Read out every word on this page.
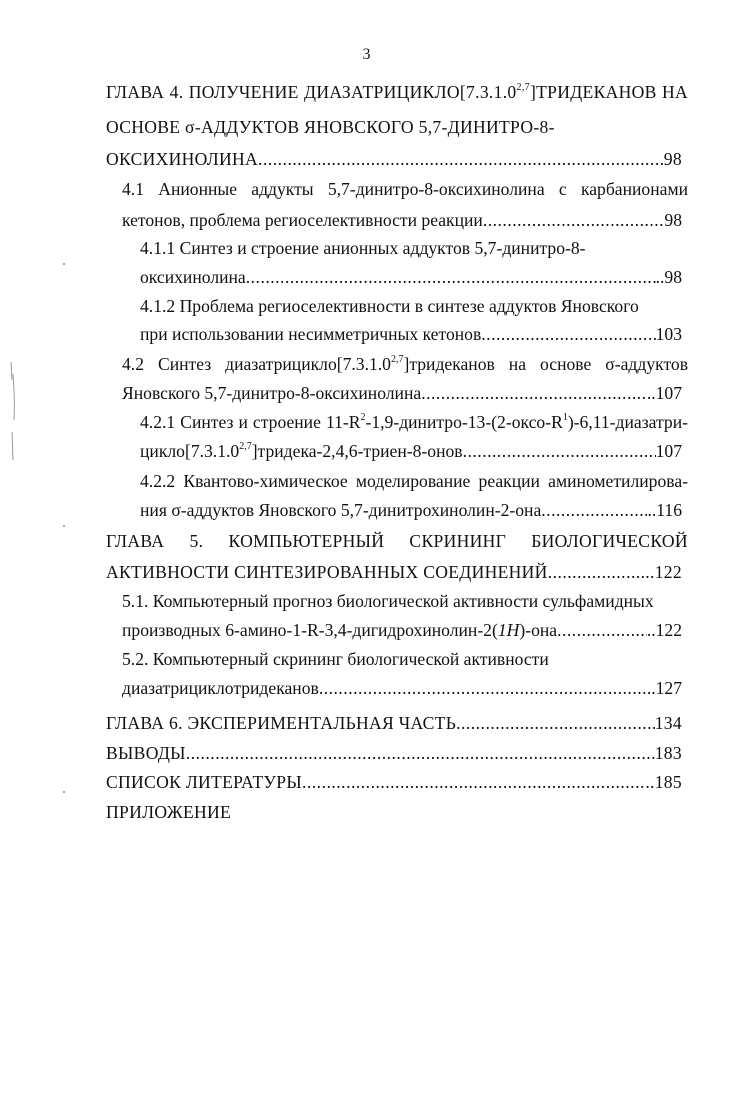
3
ГЛАВА 4. ПОЛУЧЕНИЕ ДИАЗАТРИЦИКЛО[7.3.1.0$^{2,7}$]ТРИДЕКАНОВ НА
ОСНОВЕ σ-АДДУКТОВ ЯНОВСКОГО 5,7-ДИНИТРО-8-
ОКСИХИНОЛИНА .....	98
4.1 Анионные аддукты 5,7-динитро-8-оксихинолина с карбанионами
кетонов, проблема региоселективности реакции .....	98
4.1.1 Синтез и строение анионных аддуктов 5,7-динитро-8-
оксихинолина .....	..98
4.1.2 Проблема региоселективности в синтезе аддуктов Яновского
при использовании несимметричных кетонов .....	103
4.2 Синтез диазатрицикло[7.3.1.0$^{2,7}$]тридеканов на основе σ-аддуктов
Яновского 5,7-динитро-8-оксихинолина .....	..107
4.2.1 Синтез и строение $11-R^2-1,9-динитро-13-(2-оксо-R^1)-6,11-диазатри-$
цикло[7.3.1.0$^{2,7}$]тридека-2,4,6-триен-8-онов .....	107
4.2.2 Квантово-химическое моделирование реакции аминометилирова-
ния σ-аддуктов Яновского 5,7-динитрохинолин-2-она .....	..116
ГЛАВА 5. КОМПЬЮТЕРНЫЙ СКРИНИНГ БИОЛОГИЧЕСКОЙ
АКТИВНОСТИ СИНТЕЗИРОВАННЫХ СОЕДИНЕНИЙ .....	...122
5.1. Компьютерный прогноз биологической активности сульфамидных
производных 6-амино-1-R-3,4-дигидрохинолин-2(1H)-она .....	..122
5.2. Компьютерный скрининг биологической активности
диазатрициклотридеканов .....	..127
ГЛАВА 6. ЭКСПЕРИМЕНТАЛЬНАЯ ЧАСТЬ .....	134
ВЫВОДЫ .....	183
СПИСОК ЛИТЕРАТУРЫ .....	..185
ПРИЛОЖЕНИЕ
